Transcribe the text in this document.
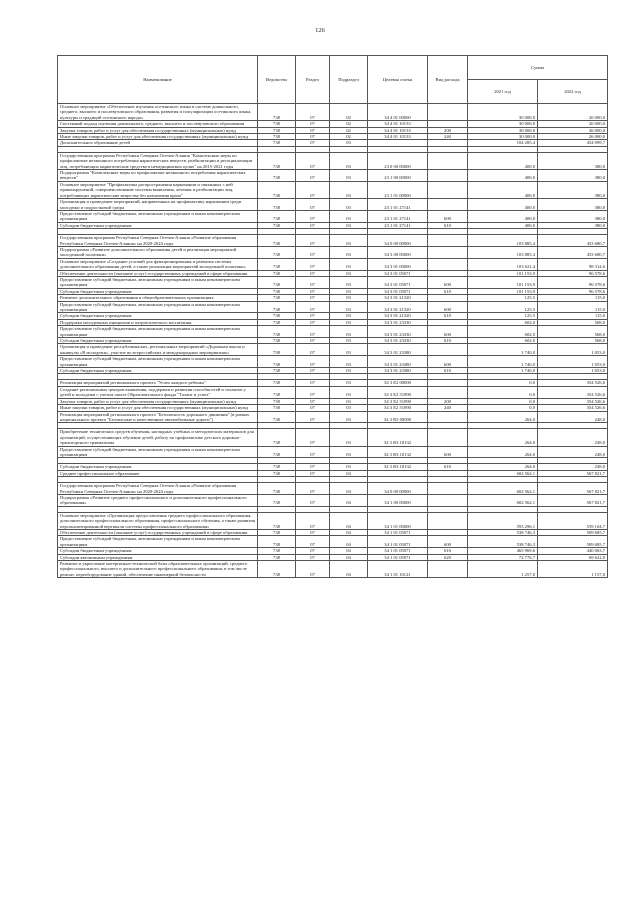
126
Наименование	Ведомство	Раздел	Подраздел	Целевая статья	Вид расхода	Сумма	
						2021 год	2022 год
Основное мероприятие «Обеспечение изучения осетинского языка в системе дошкольного, среднего, высшего и послевузовского образования, развития и популяризации осетинского языка, культуры и традиций осетинского народа»	738	07	02	34 4 01 00000		30 000,0	26 000,0
Системный подход изучения дошкольного, среднего, высшего и послевузовского образования	738	07	02	34 4 01 10133		30 000,0	26 000,0
Закупка товаров, работ и услуг для обеспечения государственных (муниципальных) нужд	738	07	02	34 4 01 10133	200	30 000,0	26 000,0
Иные закупки товаров, работ и услуг для обеспечения государственных (муниципальных) нужд	738	07	02	34 4 01 10133	240	30 000,0	26 000,0
Дополнительное образование детей	738	07	03			104 285,4	454 099,7

Государственная программа Республики Северная Осетия-Алания "Комплексные меры по профилактике незаконного потребления наркотических веществ, реабилитации и ресоциализации лиц, потребляющих наркотические средства в немедицинских целях" на 2015-2021 годы	738	07	03	23 0 00 00000		400,0	380,0
Подпрограмма "Комплексные меры по профилактике незаконного потребления наркотических веществ"	738	07	03	23 1 00 00000		400,0	380,0
Основное мероприятие "Профилактика распространения наркомании и связанных с ней правонарушений, совершенствование системы выявления, лечения и реабилитации лиц, потребляющих наркотические вещества без назначения врача"	738	07	03	23 1 01 00000		400,0	380,0
Организация и проведение мероприятий, направленных на профилактику наркомании среди молодежи и подростковой среды	738	07	03	23 1 01 27141		400,0	380,0
Предоставление субсидий бюджетным, автономным учреждениям и иным некоммерческим организациям	738	07	03	23 1 01 27141	600	400,0	380,0
Субсидии бюджетным учреждениям	738	07	03	23 1 01 27141	610	400,0	380,0

Государственная программа Республики Северная Осетия-Алания «Развитие образования Республики Северная Осетия-Алания» на 2020-2024 годы	738	07	03	34 0 00 00000		103 885,4	453 680,7
Подпрограмма «Развитие дополнительного образования детей и реализация мероприятий молодежной политики»	738	07	03	34 3 00 00000		103 885,4	453 680,7
Основное мероприятие «Создание условий для функционирования и развития системы дополнительного образования детей, а также реализация мероприятий молодежной политики»	738	07	03	34 3 01 00000		103 621,4	98 314,6
Обеспечение деятельности (оказание услуг) государственных учреждений в сфере образования	738	07	03	34 3 01 05071		101 153,9	96 578,6
Предоставление субсидий бюджетным, автономным учреждениям и иным некоммерческим организациям	738	07	03	34 3 01 05071	600	101 153,9	96 578,6
Субсидии бюджетным учреждениям	738	07	03	34 3 01 05071	610	101 153,9	96 578,6
Развитие дополнительного образования в общеобразовательных организациях	738	07	03	34 3 01 21320		125,5	115,0
Предоставление субсидий бюджетным, автономным учреждениям и иным некоммерческим организациям	738	07	03	34 3 01 21320	600	125,5	115,0
Субсидии бюджетным учреждениям	738	07	03	34 3 01 21320	610	125,5	115,0
Поддержка молодежных инициатив и патриотического воспитания	738	07	03	34 3 01 23330		602,0	568,0
Предоставление субсидий бюджетным, автономным учреждениям и иным некоммерческим организациям	738	07	03	34 3 01 23330	600	602,0	568,0
Субсидии бюджетным учреждениям	738	07	03	34 3 01 23330	610	602,0	568,0
Организация и проведение республиканских, региональных мероприятий «Дорожная школа и каникулы «В молодежи», участие во всероссийских и международных мероприятиях»	738	07	03	34 3 01 23380		1 740,0	1 053,0
Предоставление субсидий бюджетным, автономным учреждениям и иным некоммерческим организациям	738	07	03	34 3 01 23380	600	1 740,0	1 053,0
Субсидии бюджетным учреждениям	738	07	03	34 3 01 23380	610	1 740,0	1 053,0

Реализация мероприятий регионального проекта "Успех каждого ребенка"	738	07	03	34 3 E2 00000		0,0	354 526,6
Создание региональных центров выявления, поддержки и развития способностей и талантов у детей и молодежи с учетом опыта Образовательного фонда "Талант и успех"	738	07	03	34 3 E2 51890		0,0	354 526,6
Закупка товаров, работ и услуг для обеспечения государственных (муниципальных) нужд	738	07	03	34 3 E2 51890	200	0,0	354 526,6
Иные закупки товаров, работ и услуг для обеспечения государственных (муниципальных) нужд	738	07	03	34 3 E2 51890	240	0,0	354 526,6
Реализация мероприятий регионального проекта "Безопасность дорожного движения" (в рамках национального проекта "Безопасные и качественные автомобильные дороги")	738	07	03	34 3 R3 00000		264,0	248,0

Приобретение технических средств обучения, наглядных учебных и методических материалов для организаций, осуществляющих обучение детей, работу по профилактике детского дорожно-транспортного травматизма	738	07	03	34 3 R3 10132		264,0	248,0
Предоставление субсидий бюджетным, автономным учреждениям и иным некоммерческим организациям	738	07	03	34 3 R3 10132	600	264,0	248,0

Субсидии бюджетным учреждениям	738	07	03	34 3 R3 10132	610	264,0	248,0
Среднее профессиональное образование	738	07	04			602 562,1	567 821,7

Государственная программа Республики Северная Осетия-Алания «Развитие образования Республики Северная Осетия-Алания» на 2020-2024 годы	738	07	04	34 0 00 00000		602 562,1	567 821,7
Подпрограмма «Развитие среднего профессионального и дополнительного профессионального образования»	738	07	04	34 1 00 00000		602 562,1	567 821,7

Основное мероприятие «Организация предоставления среднего профессионального образования, дополнительного профессионального образования, профессионального обучения, а также развития персонализированной вертикали системы профессионального образования»	738	07	04	34 1 01 00000		593 296,1	559 104,7
Обеспечение деятельности (оказание услуг) государственных учреждений в сфере образования	738	07	04	34 1 01 05071		538 746,3	509 685,7
Предоставление субсидий бюджетным, автономным учреждениям и иным некоммерческим организациям	738	07	04	34 1 01 05071	600	538 746,3	509 685,7
Субсидии бюджетным учреждениям	738	07	04	34 1 01 05071	610	465 969,6	440 063,7
Субсидии автономным учреждениям	738	07	04	34 1 01 05071	620	72 776,7	69 622,0
Развитие и укрепление материально-технической базы образовательных организаций, среднего профессионального, высшего и дополнительного профессионального образования, в том числе ремонт, переоборудование зданий, обеспечение инженерной безопасности	738	07	04	34 1 01 10121		1 257,0	1 157,0
